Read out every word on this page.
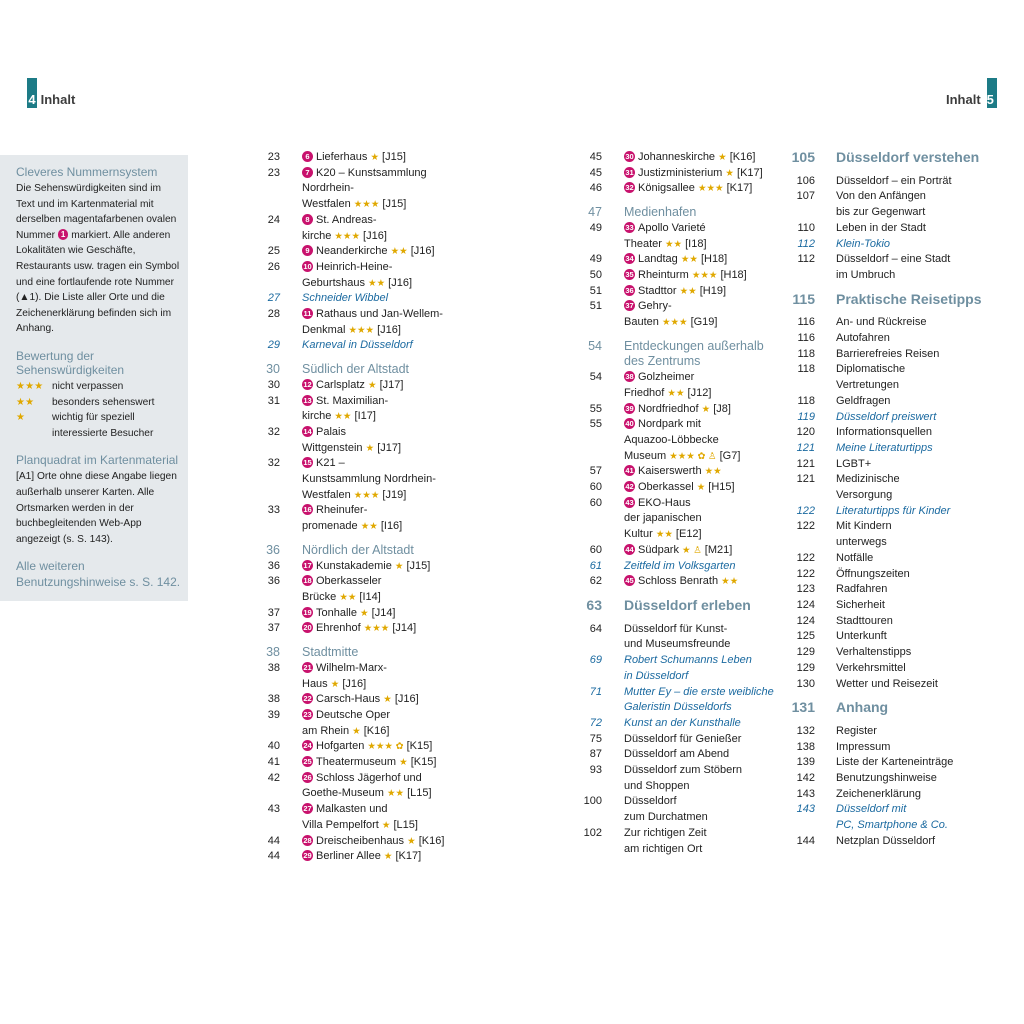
4 Inhalt	Inhalt 5

Cleveres Nummernsystem

Die Sehenswürdigkeiten sind im Text und im Kartenmaterial mit derselben magentafarbenen ovalen Nummer 1 markiert. Alle anderen Lokalitäten wie Geschäfte, Restaurants usw. tragen ein Symbol und eine fortlaufende rote Nummer (▲1). Die Liste aller Orte und die Zeichenerklärung befinden sich im Anhang.

Bewertung der Sehenswürdigkeiten

★★★ nicht verpassen
★★	besonders sehenswert
★	wichtig für speziell interessierte Besucher

Planquadrat im Kartenmaterial

[A1] Orte ohne diese Angabe liegen außerhalb unserer Karten. Alle Ortsmarken werden in der buchbegleitenden Web-App angezeigt (s. S. 143).

Alle weiteren Benutzungshinweise s. S. 142.
23	6 Lieferhaus ★ [J15]
23	7 K20 – Kunstsammlung
Nordrhein-
Westfalen ★★★ [J15]
24	8 St. Andreas-
kirche ★★★ [J16]
25	9 Neanderkirche ★★ [J16]
26	10 Heinrich-Heine-
Geburtshaus ★★ [J16]
27 Schneider Wibbel
28	11 Rathaus und Jan-Wellem-
Denkmal ★★★ [J16]
29 Karneval in Düsseldorf
30 Südlich der Altstadt
30	12 Carlsplatz ★ [J17]
31	13 St. Maximilian-
kirche ★★ [I17]
32	14 Palais
Wittgenstein ★ [J17]
32	15 K21 –
Kunstsammlung Nordrhein-
Westfalen ★★★ [J19]
33	16 Rheinufer-
promenade ★★ [I16]
36 Nördlich der Altstadt
36	17 Kunstakademie ★ [J15]
36	18 Oberkasseler
Brücke ★★ [I14]
37	19 Tonhalle ★ [J14]
37	20 Ehrenhof ★★★ [J14]
38 Stadtmitte
38	21 Wilhelm-Marx-
Haus ★ [J16]
38	22 Carsch-Haus ★ [J16]
39	23 Deutsche Oper
am Rhein ★ [K16]
40	24 Hofgarten ★★★ ✿ [K15]
41	25 Theatermuseum ★ [K15]
42	26 Schloss Jägerhof und
Goethe-Museum ★★ [L15]
43	27 Malkasten und
Villa Pempelfort ★ [L15]
44	28 Dreischeibenhaus ★ [K16]
44	29 Berliner Allee ★ [K17]
45	30 Johanneskirche ★ [K16]
45	31 Justizministerium ★ [K17]
46	32 Königsallee ★★★ [K17]
47 Medienhafen
49	33 Apollo Varieté
Theater ★★ [I18]
49	34 Landtag ★★ [H18]
50	35 Rheinturm ★★★ [H18]
51	36 Stadttor ★★ [H19]
51	37 Gehry-
Bauten ★★★ [G19]
54 Entdeckungen außerhalb
des Zentrums
54	38 Golzheimer
Friedhof ★★ [J12]
55	39 Nordfriedhof ★ [J8]
55	40 Nordpark mit
Aquazoo-Löbbecke
Museum ★★★ ✿ ♙ [G7]
57	41 Kaiserswerth ★★
60	42 Oberkassel ★ [H15]
60	43 EKO-Haus
der japanischen
Kultur ★★ [E12]
60	44 Südpark ★ ♙ [M21]
61 Zeitfeld im Volksgarten
62	45 Schloss Benrath ★★
63 Düsseldorf erleben
64 Düsseldorf für Kunst-
und Museumsfreunde
69 Robert Schumanns Leben
in Düsseldorf
71 Mutter Ey – die erste weibliche
Galeristin Düsseldorfs
72 Kunst an der Kunsthalle
75 Düsseldorf für Genießer
87 Düsseldorf am Abend
93 Düsseldorf zum Stöbern
und Shoppen
100 Düsseldorf
zum Durchatmen
102 Zur richtigen Zeit
am richtigen Ort
105 Düsseldorf verstehen
106 Düsseldorf – ein Porträt
107 Von den Anfängen
bis zur Gegenwart
110 Leben in der Stadt
112 Klein-Tokio
112 Düsseldorf – eine Stadt
im Umbruch
115 Praktische Reisetipps
116 An- und Rückreise
116 Autofahren
118 Barrierefreies Reisen
118 Diplomatische
Vertretungen
118 Geldfragen
119 Düsseldorf preiswert
120 Informationsquellen
121 Meine Literaturtipps
121 LGBT+
121 Medizinische
Versorgung
122 Literaturtipps für Kinder
122 Mit Kindern
unterwegs
122 Notfälle
122 Öffnungszeiten
123 Radfahren
124 Sicherheit
124 Stadttouren
125 Unterkunft
129 Verhaltenstipps
129 Verkehrsmittel
130 Wetter und Reisezeit
131 Anhang
132 Register
138 Impressum
139 Liste der Karteneinträge
142 Benutzungshinweise
143 Zeichenerklärung
143 Düsseldorf mit
PC, Smartphone & Co.
144 Netzplan Düsseldorf
